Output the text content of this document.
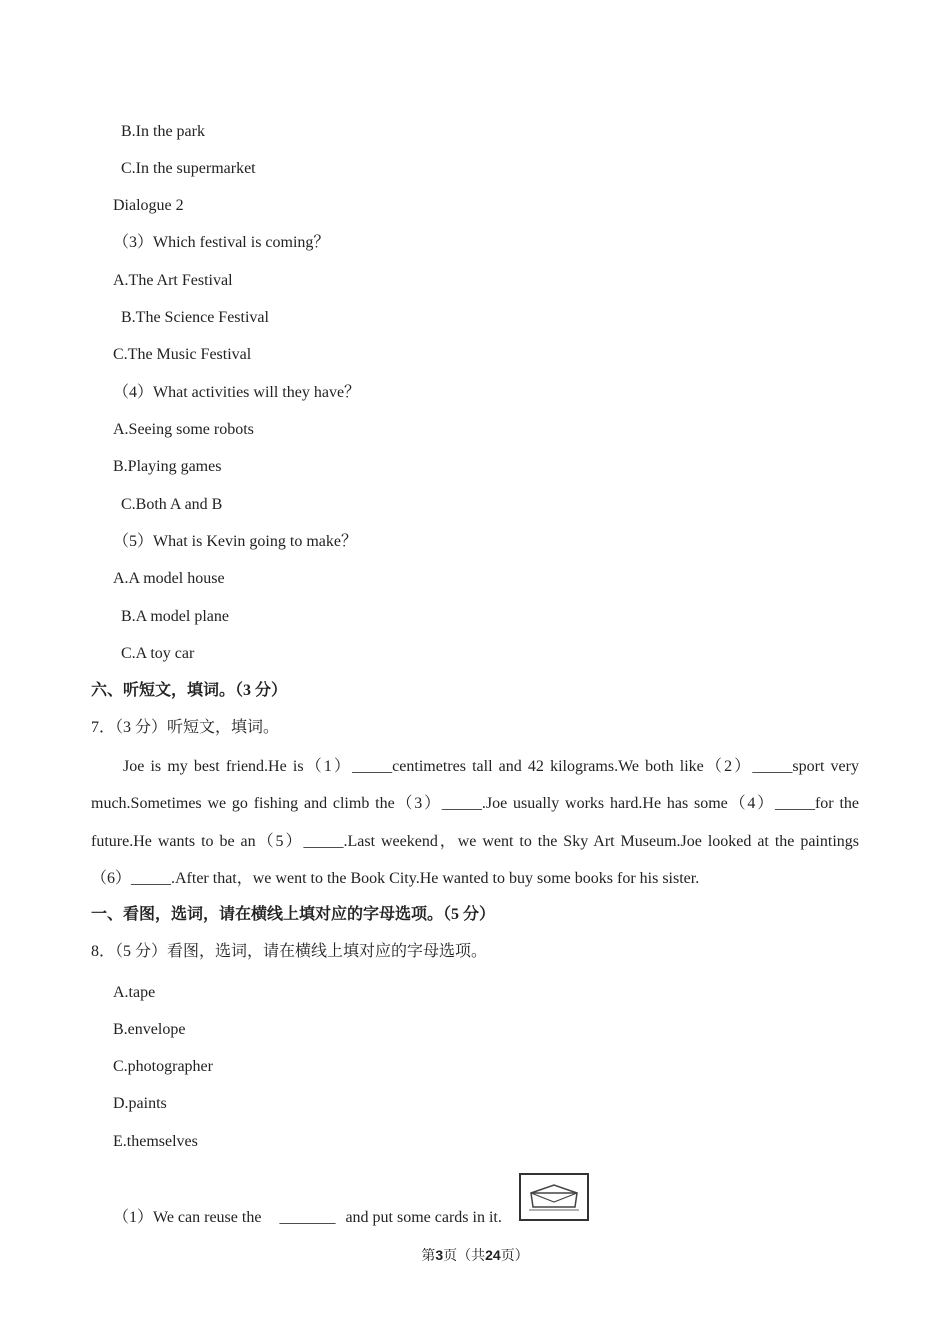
B.In the park
C.In the supermarket
Dialogue 2
（3）Which festival is coming？
A.The Art Festival
B.The Science Festival
C.The Music Festival
（4）What activities will they have？
A.Seeing some robots
B.Playing games
C.Both A and B
（5）What is Kevin going to make？
A.A model house
B.A model plane
C.A toy car
六、听短文，填词。（3 分）
7．（3 分）听短文，填词。
Joe is my best friend.He is（1）_____centimetres tall and 42 kilograms.We both like（2）_____sport very
much.Sometimes we go fishing and climb the（3）_____.Joe usually works hard.He has some（4）_____for the
future.He wants to be an（5）_____.Last weekend，we went to the Sky Art Museum.Joe looked at the paintings
（6）_____.After that，we went to the Book City.He wanted to buy some books for his sister.
一、看图，选词，请在横线上填对应的字母选项。（5 分）
8．（5 分）看图，选词，请在横线上填对应的字母选项。
A.tape
B.envelope
C.photographer
D.paints
E.themselves
（1）We can reuse the _______ and put some cards in it.
第3页（共24页）
